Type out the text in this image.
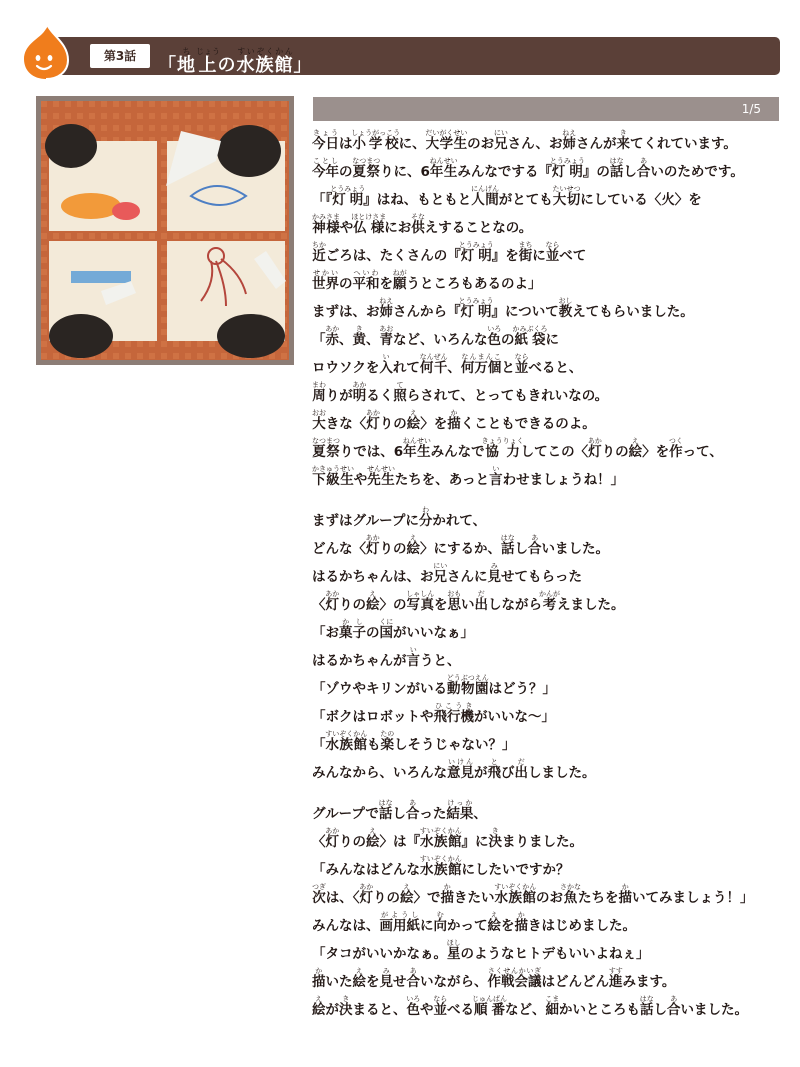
第3話	「地ち上じょうの水すい族ぞく館かん」
1/5
今日きょうは小学校しょうがっこうに、大学生だいがくせいのお兄にいさん、お姉ねえさんが来きてくれています。
今年ことしの夏祭なつまつりに、6年生ねんせいみんなでする『灯明とうみょう』の話はなし合あいのためです。
「『灯明とうみょう』はね、もともと人間にんげんがとても大切たいせつにしている〈火〉を
神様かみさまや仏様ほとけさまにお供そなえすることなの。
近ちかごろは、たくさんの『灯明とうみょう』を街まちに並ならべて
世界せかいの平和へいわを願ねがうところもあるのよ」
まずは、お姉ねえさんから『灯明とうみょう』について教おしえてもらいました。
「赤あか、黄き、青あおなど、いろんな色いろの紙袋かみぶくろに
ロウソクを入いれて何千なんぜん、何万個なんまんこと並ならべると、
周まわりが明あかるく照てらされて、とってもきれいなの。
大おおきな〈灯あかりの絵え〉を描かくこともできるのよ。
夏祭なつまつりでは、6年生ねんせいみんなで協力きょうりょくしてこの〈灯あかりの絵え〉を作つくって、
下級生かきゅうせいや先生せんせいたちを、あっと言いわせましょうね！」
まずはグループに分わかれて、
どんな〈灯あかりの絵え〉にするか、話はなし合あいました。
はるかちゃんは、お兄にいさんに見みせてもらった
〈灯あかりの絵え〉の写真しゃしんを思おもい出だしながら考かんがえました。
「お菓子かしの国くにがいいなぁ」
はるかちゃんが言いうと、
「ゾウやキリンがいる動物園どうぶつえんはどう？」
「ボクはロボットや飛行機ひこうきがいいな～」
「水族館すいぞくかんも楽たのしそうじゃない？」
みんなから、いろんな意見いけんが飛とび出だしました。
グループで話はなし合あった結果けっか、
〈灯あかりの絵え〉は『水族館すいぞくかん』に決きまりました。
「みんなはどんな水族館すいぞくかんにしたいですか？
次つぎは、〈灯あかりの絵え〉で描かきたい水族館すいぞくかんのお魚さかなたちを描かいてみましょう！」
みんなは、画用紙がようしに向むかって絵えを描かきはじめました。
「タコがいいかなぁ。星ほしのようなヒトデもいいよねぇ」
描かいた絵えを見みせ合あいながら、作戦会議さくせんかいぎはどんどん進すすみます。
絵えが決きまると、色いろや並ならべる順番じゅんばんなど、細こまかいところも話はなし合あいました。
